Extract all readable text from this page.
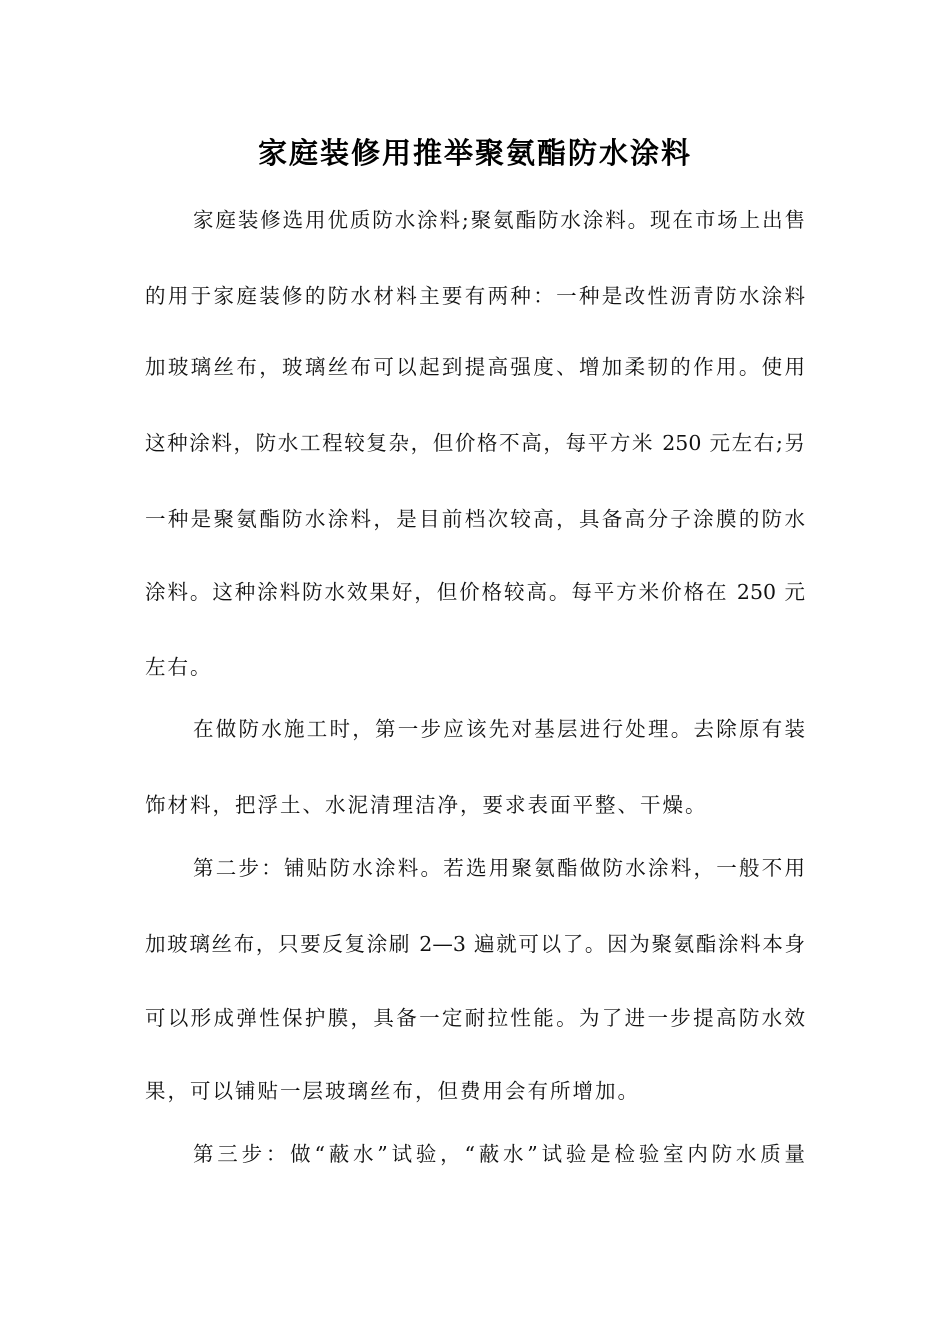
家庭装修用推举聚氨酯防水涂料
家庭装修选用优质防水涂料;聚氨酯防水涂料。现在市场上出售
的用于家庭装修的防水材料主要有两种：一种是改性沥青防水涂料
加玻璃丝布，玻璃丝布可以起到提高强度、增加柔韧的作用。使用
这种涂料，防水工程较复杂，但价格不高，每平方米 250 元左右;另
一种是聚氨酯防水涂料，是目前档次较高，具备高分子涂膜的防水
涂料。这种涂料防水效果好，但价格较高。每平方米价格在 250 元
左右。
在做防水施工时，第一步应该先对基层进行处理。去除原有装
饰材料，把浮土、水泥清理洁净，要求表面平整、干燥。
第二步：铺贴防水涂料。若选用聚氨酯做防水涂料，一般不用
加玻璃丝布，只要反复涂刷 2—3 遍就可以了。因为聚氨酯涂料本身
可以形成弹性保护膜，具备一定耐拉性能。为了进一步提高防水效
果，可以铺贴一层玻璃丝布，但费用会有所增加。
第三步：做“蔽水”试验，“蔽水”试验是检验室内防水质量
